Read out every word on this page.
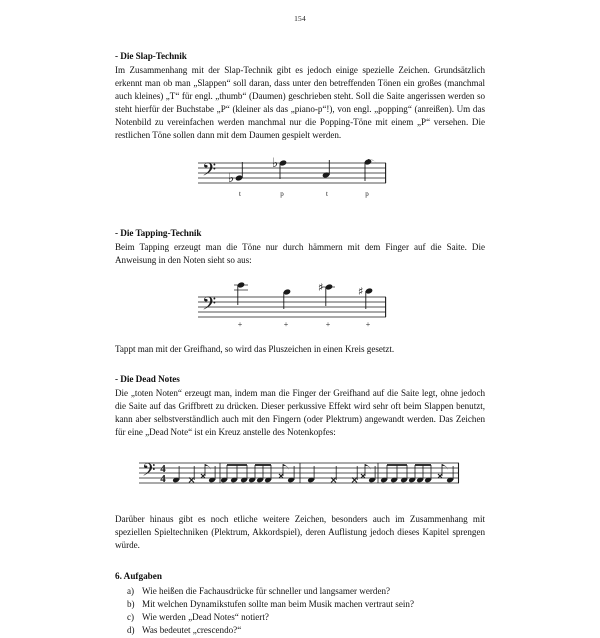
154
- Die Slap-Technik

Im Zusammenhang mit der Slap-Technik gibt es jedoch einige spezielle Zeichen. Grundsätzlich erkennt man ob man „Slappen“ soll daran, dass unter den betreffenden Tönen ein großes (manchmal auch kleines) „T“ für engl. „thumb“ (Daumen) geschrieben steht. Soll die Saite angerissen werden so steht hierfür der Buchstabe „P“ (kleiner als das „piano-p“!), von engl. „popping“ (anreißen). Um das Notenbild zu vereinfachen werden manchmal nur die Popping-Töne mit einem „P“ versehen. Die restlichen Töne sollen dann mit dem Daumen gespielt werden.

𝄢 ♭
♭
t	p	t	p
- Die Tapping-Technik

Beim Tapping erzeugt man die Töne nur durch hämmern mit dem Finger auf die Saite. Die Anweisung in den Noten sieht so aus:

𝄢
♯	♯
+	+	+	+

Tappt man mit der Greifhand, so wird das Pluszeichen in einen Kreis gesetzt.

- Die Dead Notes

Die „toten Noten“ erzeugt man, indem man die Finger der Greifhand auf die Saite legt, ohne jedoch die Saite auf das Griffbrett zu drücken. Dieser perkussive Effekt wird sehr oft beim Slappen benutzt, kann aber selbstverständlich auch mit den Fingern (oder Plektrum) angewandt werden. Das Zeichen für eine „Dead Note“ ist ein Kreuz anstelle des Notenkopfes:

𝄢 4
4

Darüber hinaus gibt es noch etliche weitere Zeichen, besonders auch im Zusammenhang mit speziellen Spieltechniken (Plektrum, Akkordspiel), deren Auflistung jedoch dieses Kapitel sprengen würde.

6. Aufgaben
a) Wie heißen die Fachausdrücke für schneller und langsamer werden?
b) Mit welchen Dynamikstufen sollte man beim Musik machen vertraut sein?
c) Wie werden „Dead Notes“ notiert?
d) Was bedeutet „crescendo?“
